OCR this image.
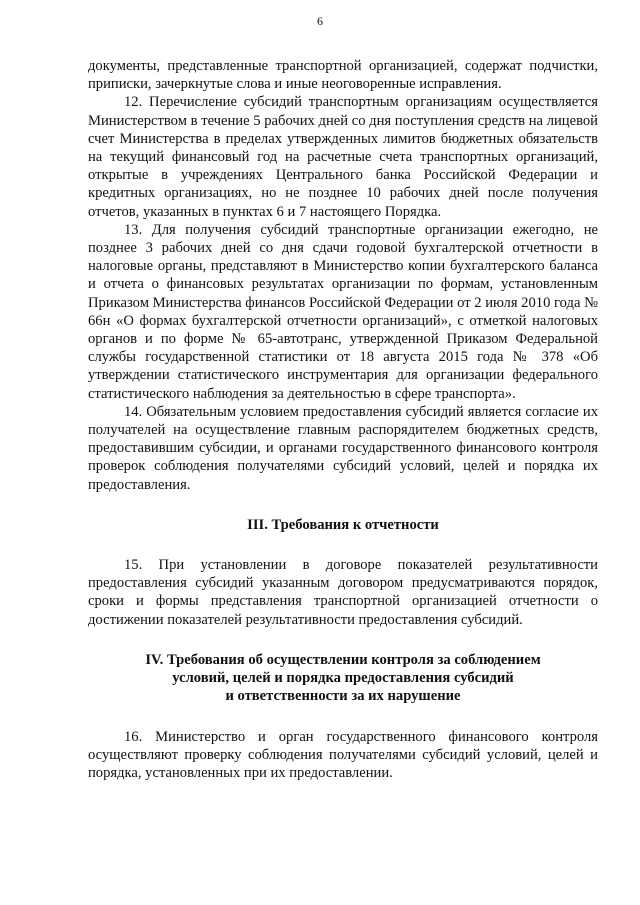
6

документы, представленные транспортной организацией, содержат подчистки, приписки, зачеркнутые слова и иные неоговоренные исправления.

12. Перечисление субсидий транспортным организациям осуществляется Министерством в течение 5 рабочих дней со дня поступления средств на лицевой счет Министерства в пределах утвержденных лимитов бюджетных обязательств на текущий финансовый год на расчетные счета транспортных организаций, открытые в учреждениях Центрального банка Российской Федерации и кредитных организациях, но не позднее 10 рабочих дней после получения отчетов, указанных в пунктах 6 и 7 настоящего Порядка.

13. Для получения субсидий транспортные организации ежегодно, не позднее 3 рабочих дней со дня сдачи годовой бухгалтерской отчетности в налоговые органы, представляют в Министерство копии бухгалтерского баланса и отчета о финансовых результатах организации по формам, установленным Приказом Министерства финансов Российской Федерации от 2 июля 2010 года № 66н «О формах бухгалтерской отчетности организаций», с отметкой налоговых органов и по форме № 65-автотранс, утвержденной Приказом Федеральной службы государственной статистики от 18 августа 2015 года № 378 «Об утверждении статистического инструментария для организации федерального статистического наблюдения за деятельностью в сфере транспорта».

14. Обязательным условием предоставления субсидий является согласие их получателей на осуществление главным распорядителем бюджетных средств, предоставившим субсидии, и органами государственного финансового контроля проверок соблюдения получателями субсидий условий, целей и порядка их предоставления.

III. Требования к отчетности

15. При установлении в договоре показателей результативности предоставления субсидий указанным договором предусматриваются порядок, сроки и формы представления транспортной организацией отчетности о достижении показателей результативности предоставления субсидий.

IV. Требования об осуществлении контроля за соблюдением
условий, целей и порядка предоставления субсидий
и ответственности за их нарушение

16. Министерство и орган государственного финансового контроля осуществляют проверку соблюдения получателями субсидий условий, целей и порядка, установленных при их предоставлении.
